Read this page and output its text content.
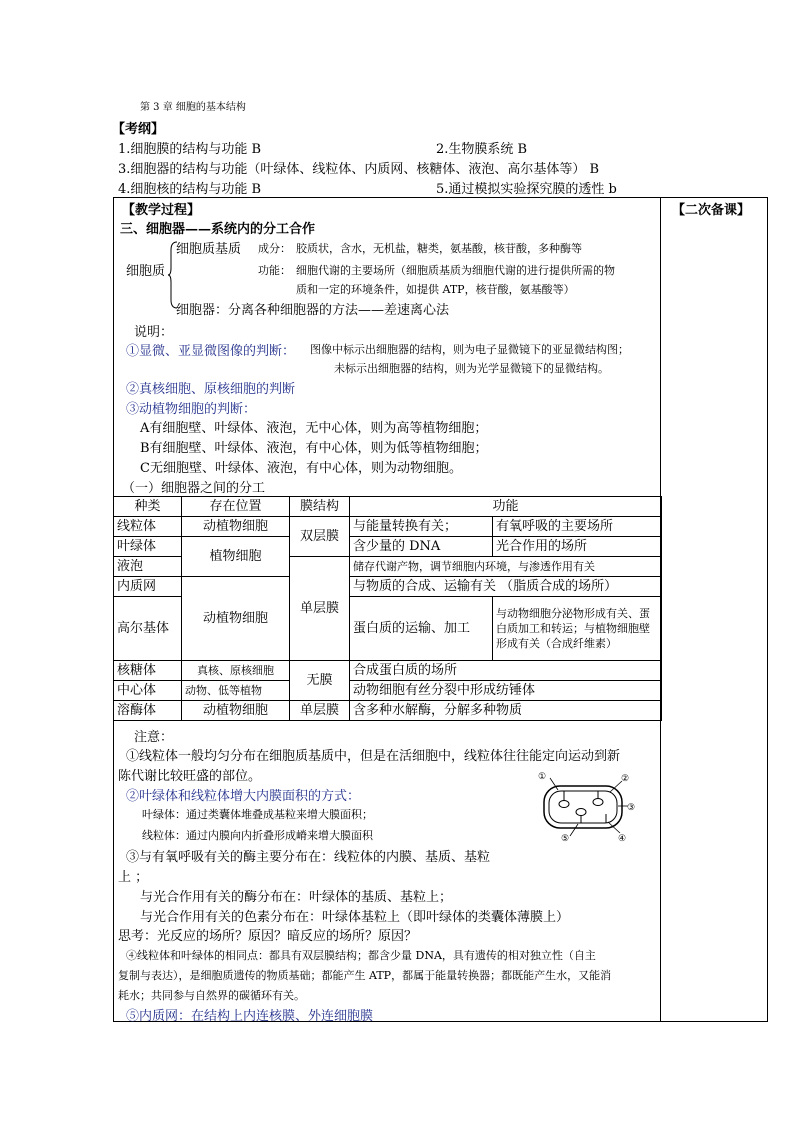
第 3 章 细胞的基本结构
【考纲】
1.细胞膜的结构与功能 B	2.生物膜系统 B
3.细胞器的结构与功能（叶绿体、线粒体、内质网、核糖体、液泡、高尔基体等） B
4.细胞核的结构与功能 B	5.通过模拟实验探究膜的透性 b
【教学过程】	【二次备课】
三、细胞器——系统内的分工合作
细胞质
细胞质基质 成分： 胶质状，含水，无机盐，糖类，氨基酸，核苷酸，多种酶等
功能： 细胞代谢的主要场所（细胞质基质为细胞代谢的进行提供所需的物
质和一定的环境条件，如提供 ATP，核苷酸，氨基酸等）
细胞器：分离各种细胞器的方法——差速离心法
说明：
①显微、亚显微图像的判断： 图像中标示出细胞器的结构，则为电子显微镜下的亚显微结构图；
未标示出细胞器的结构，则为光学显微镜下的显微结构。
②真核细胞、原核细胞的判断
③动植物细胞的判断：
A有细胞壁、叶绿体、液泡，无中心体，则为高等植物细胞；
B有细胞壁、叶绿体、液泡，有中心体，则为低等植物细胞；
C无细胞壁、叶绿体、液泡，有中心体，则为动物细胞。
（一）细胞器之间的分工
种类	存在位置	膜结构	功能	
线粒体	动植物细胞	双层膜	与能量转换有关；	有氧呼吸的主要场所
叶绿体	植物细胞		含少量的 DNA	光合作用的场所
液泡		单层膜	储存代谢产物，调节细胞内环境，与渗透作用有关	
内质网	动植物细胞		与物质的合成、运输有关 （脂质合成的场所）	
高尔基体			蛋白质的运输、加工	与动物细胞分泌物形成有关、蛋白质加工和转运；与植物细胞壁形成有关（合成纤维素）
核糖体	真核、原核细胞	无膜	合成蛋白质的场所	
中心体	动物、低等植物		动物细胞有丝分裂中形成纺锤体	
溶酶体	动植物细胞	单层膜	含多种水解酶，分解多种物质	
注意：
①线粒体一般均匀分布在细胞质基质中，但是在活细胞中，线粒体往往能定向运动到新
陈代谢比较旺盛的部位。
②叶绿体和线粒体增大内膜面积的方式：
叶绿体：通过类囊体堆叠成基粒来增大膜面积；
线粒体：通过内膜向内折叠形成嵴来增大膜面积
③与有氧呼吸有关的酶主要分布在：线粒体的内膜、基质、基粒
上 ；
与光合作用有关的酶分布在：叶绿体的基质、基粒上；
与光合作用有关的色素分布在：叶绿体基粒上（即叶绿体的类囊体薄膜上）
思考：光反应的场所？原因？暗反应的场所？原因？
④线粒体和叶绿体的相同点：都具有双层膜结构；都含少量 DNA，具有遗传的相对独立性（自主
复制与表达），是细胞质遗传的物质基础；都能产生 ATP，都属于能量转换器；都既能产生水，又能消
耗水；共同参与自然界的碳循环有关。
⑤内质网：在结构上内连核膜、外连细胞膜
①	②
③
④
⑤
